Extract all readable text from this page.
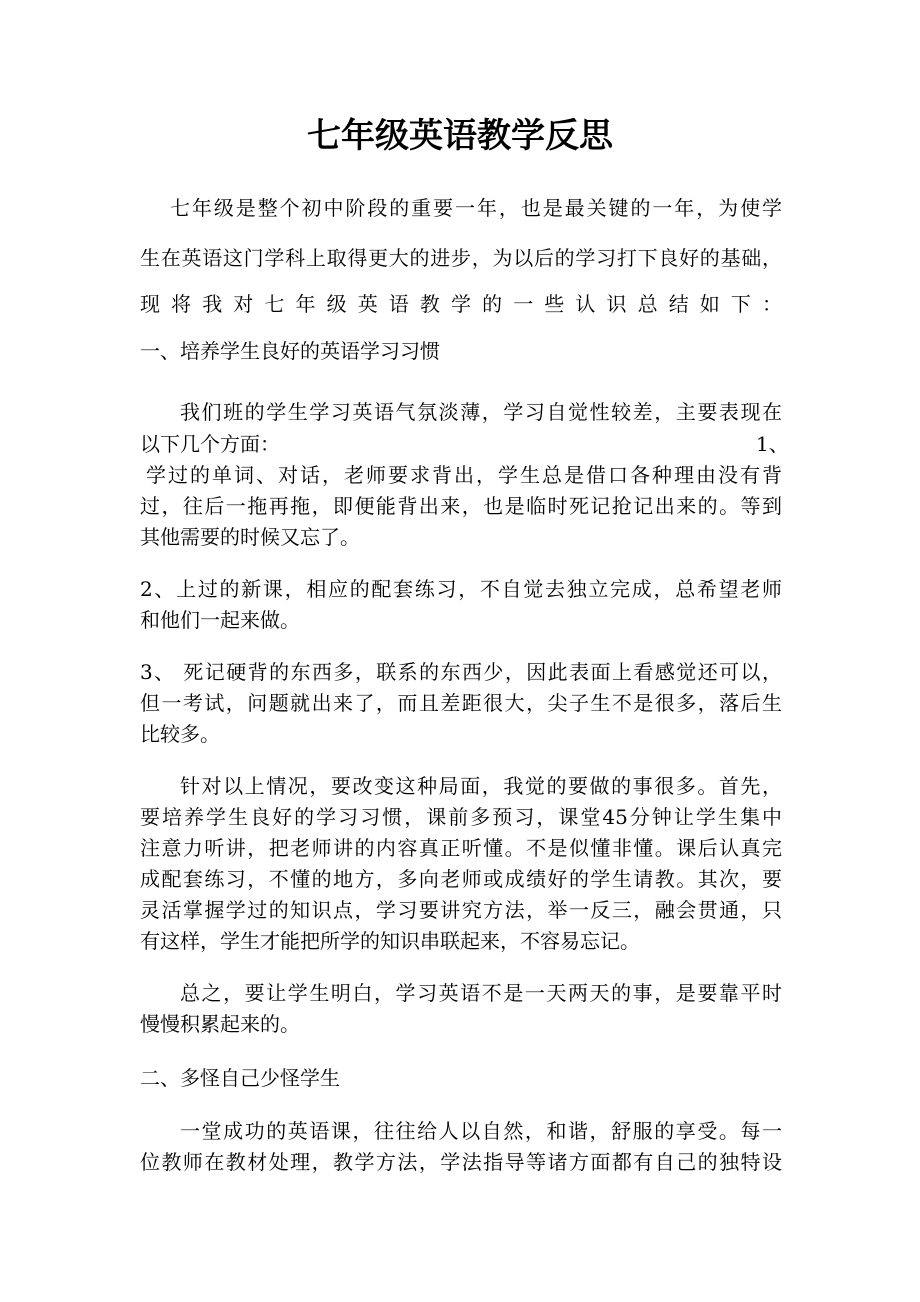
七年级英语教学反思
七年级是整个初中阶段的重要一年，也是最关键的一年，为使学
生在英语这门学科上取得更大的进步，为以后的学习打下良好的基础，
现将我对七年级英语教学的一些认识总结如下：
一、培养学生良好的英语学习习惯
我们班的学生学习英语气氛淡薄，学习自觉性较差，主要表现在
以下几个方面：	1、
学过的单词、对话，老师要求背出，学生总是借口各种理由没有背
过，往后一拖再拖，即便能背出来，也是临时死记抢记出来的。等到
其他需要的时候又忘了。
2、上过的新课，相应的配套练习，不自觉去独立完成，总希望老师
和他们一起来做。
3、 死记硬背的东西多，联系的东西少，因此表面上看感觉还可以，
但一考试，问题就出来了，而且差距很大，尖子生不是很多，落后生
比较多。
针对以上情况，要改变这种局面，我觉的要做的事很多。首先，
要培养学生良好的学习习惯，课前多预习，课堂45分钟让学生集中
注意力听讲，把老师讲的内容真正听懂。不是似懂非懂。课后认真完
成配套练习，不懂的地方，多向老师或成绩好的学生请教。其次，要
灵活掌握学过的知识点，学习要讲究方法，举一反三，融会贯通，只
有这样，学生才能把所学的知识串联起来，不容易忘记。
总之，要让学生明白，学习英语不是一天两天的事，是要靠平时
慢慢积累起来的。
二、多怪自己少怪学生
一堂成功的英语课，往往给人以自然，和谐，舒服的享受。每一
位教师在教材处理，教学方法，学法指导等诸方面都有自己的独特设
